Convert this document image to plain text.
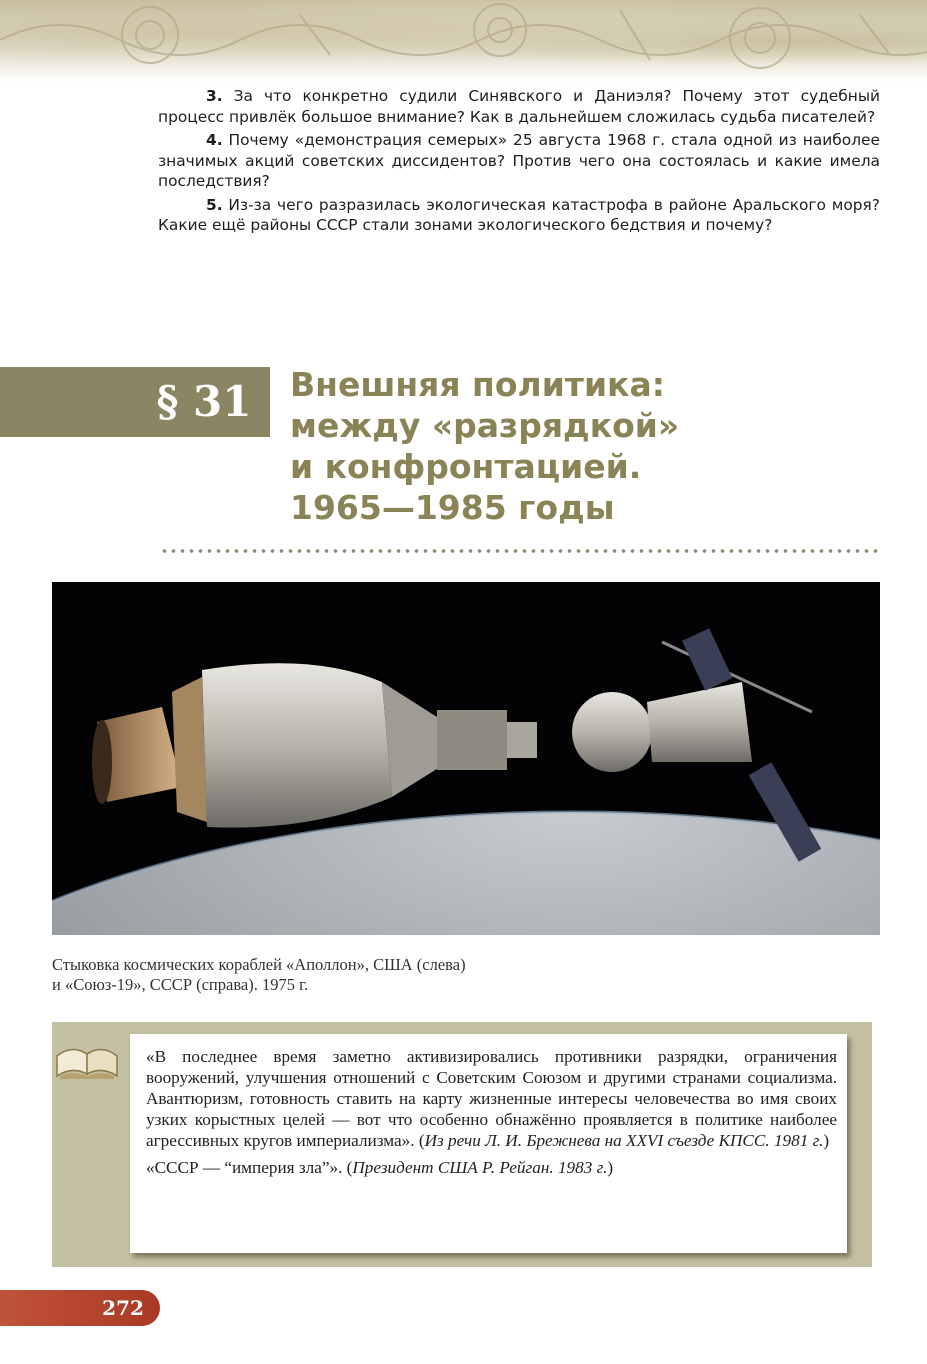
3. За что конкретно судили Синявского и Даниэля? Почему этот судебный процесс привлёк большое внимание? Как в дальнейшем сложилась судьба писателей?

4. Почему «демонстрация семерых» 25 августа 1968 г. стала одной из наиболее значимых акций советских диссидентов? Против чего она состоялась и какие имела последствия?

5. Из-за чего разразилась экологическая катастрофа в районе Аральского моря? Какие ещё районы СССР стали зонами экологического бедствия и почему?

§ 31 Внешняя политика:
между «разрядкой»
и конфронтацией.
1965—1985 годы
Стыковка космических кораблей «Аполлон», США (слева)
и «Союз-19», СССР (справа). 1975 г.

«В последнее время заметно активизировались противники разрядки, ограничения вооружений, улучшения отношений с Советским Союзом и другими странами социализма. Авантюризм, готовность ставить на карту жизненные интересы человечества во имя своих узких корыстных целей — вот что особенно обнажённо проявляется в политике наиболее агрессивных кругов империализма». (Из речи Л. И. Брежнева на XXVI съезде КПСС. 1981 г.)

«СССР — “империя зла”». (Президент США Р. Рейган. 1983 г.)

272
